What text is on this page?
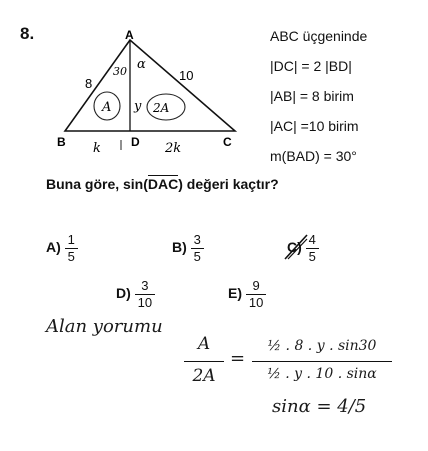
8.	A
B	D	C
8
10
30 α
A	2A
y
k	2k
ABC üçgeninde
|DC| = 2 |BD|
|AB| = 8 birim
|AC| =10 birim
m(BAD) = 30°
Buna göre, sin(DAC) değeri kaçtır?
$A) \frac{1}{5}$	$B) \frac{3}{5}$	C)
$\frac{4}{5}$
$D) \frac{3}{10}$	$E) \frac{9}{10}$
Alan yorumu
A
2A
=
½ . 8 . y . sin30
½ . y . 10 . sinα
sinα = 4/5
